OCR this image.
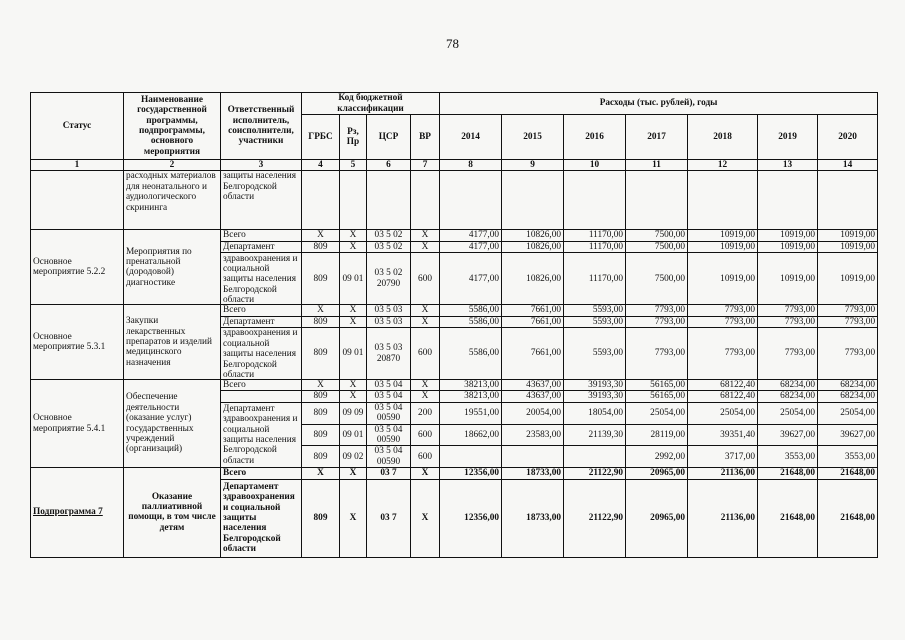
78
Статус	Наименование государственной программы, подпрограммы, основного мероприятия	Ответственный исполнитель, соисполнители, участники	Код бюджетной классификации				Расходы (тыс. рублей), годы						
			ГРБС	Рз, Пр	ЦСР	ВР	2014	2015	2016	2017	2018	2019	2020
1	2	3	4	5	6	7	8	9	10	11	12	13	14
	расходных материалов для неонатального и аудиологического скрининга	защиты населения Белгородской области											
Основное мероприятие 5.2.2	Мероприятия по пренатальной (дородовой) диагностике	Всего	X	X	03 5 02	X	4177,00	10826,00	11170,00	7500,00	10919,00	10919,00	10919,00

		Департамент	809	X	03 5 02	X	4177,00	10826,00	11170,00	7500,00	10919,00	10919,00	10919,00

		здравоохранения и социальной защиты населения Белгородской области	809	09 01	03 5 02 20790	600	4177,00	10826,00	11170,00	7500,00	10919,00	10919,00	10919,00
Основное мероприятие 5.3.1	Закупки лекарственных препаратов и изделий медицинского назначения	Всего	X	X	03 5 03	X	5586,00	7661,00	5593,00	7793,00	7793,00	7793,00	7793,00

		Департамент	809	X	03 5 03	X	5586,00	7661,00	5593,00	7793,00	7793,00	7793,00	7793,00

		здравоохранения и социальной защиты населения Белгородской области	809	09 01	03 5 03 20870	600	5586,00	7661,00	5593,00	7793,00	7793,00	7793,00	7793,00
Основное мероприятие 5.4.1	Обеспечение деятельности (оказание услуг) государственных учреждений (организаций)	Всего	X	X	03 5 04	X	38213,00	43637,00	39193,30	56165,00	68122,40	68234,00	68234,00
			809	X	03 5 04	X	38213,00	43637,00	39193,30	56165,00	68122,40	68234,00	68234,00
		Департамент здравоохранения и социальной защиты населения Белгородской области	809	09 09	03 5 04 00590	200	19551,00	20054,00	18054,00	25054,00	25054,00	25054,00	25054,00
			809	09 01	03 5 04 00590	600	18662,00	23583,00	21139,30	28119,00	39351,40	39627,00	39627,00
			809	09 02	03 5 04 00590	600				2992,00	3717,00	3553,00	3553,00
Подпрограмма 7	Оказание паллиативной помощи, в том числе детям	Всего	X	X	03 7	X	12356,00	18733,00	21122,90	20965,00	21136,00	21648,00	21648,00
		Департамент здравоохранения и социальной защиты населения Белгородской области	809	X	03 7	X	12356,00	18733,00	21122,90	20965,00	21136,00	21648,00	21648,00
